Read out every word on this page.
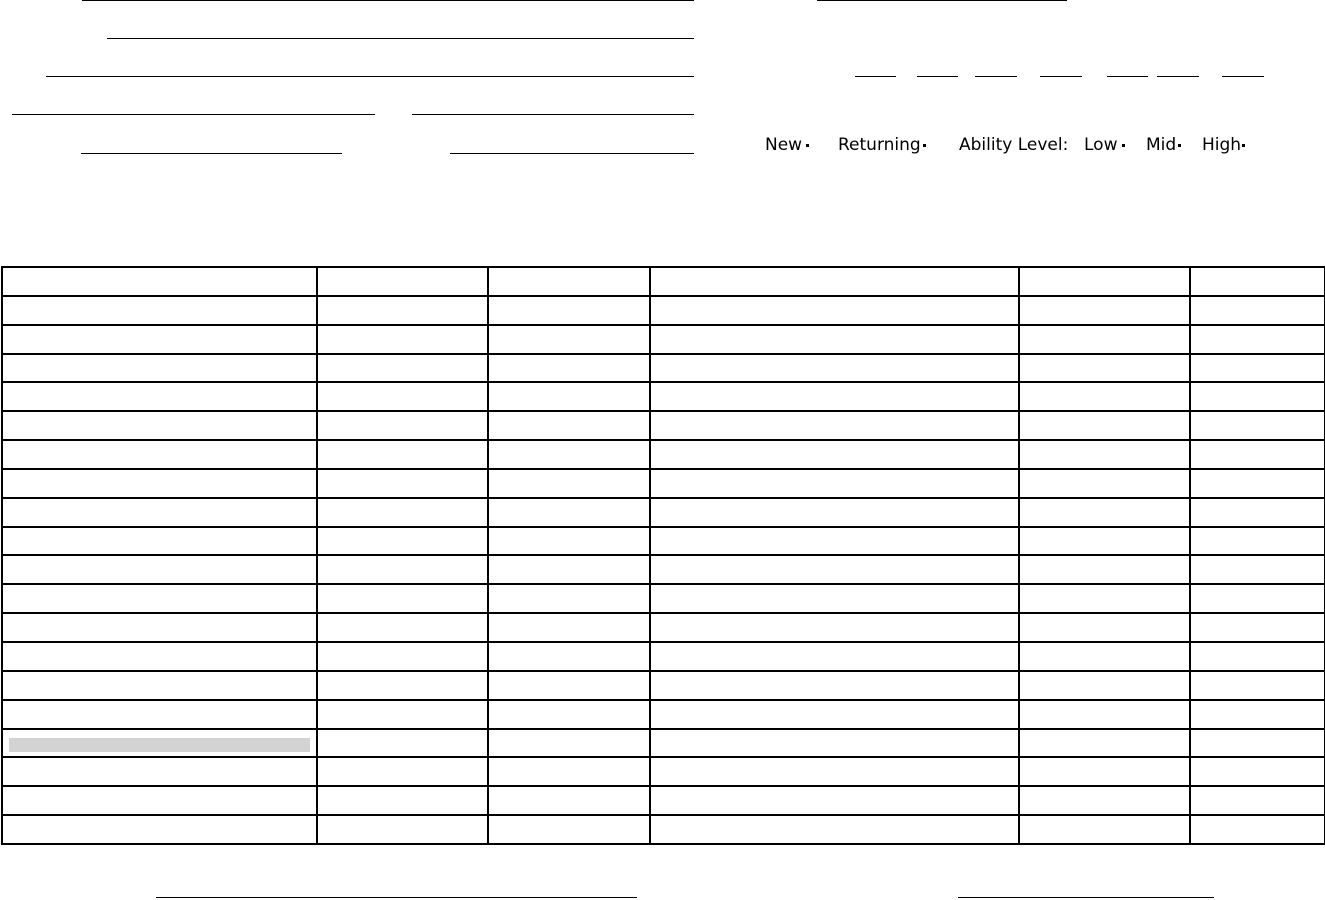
New Returning Ability Level: Low Mid High
